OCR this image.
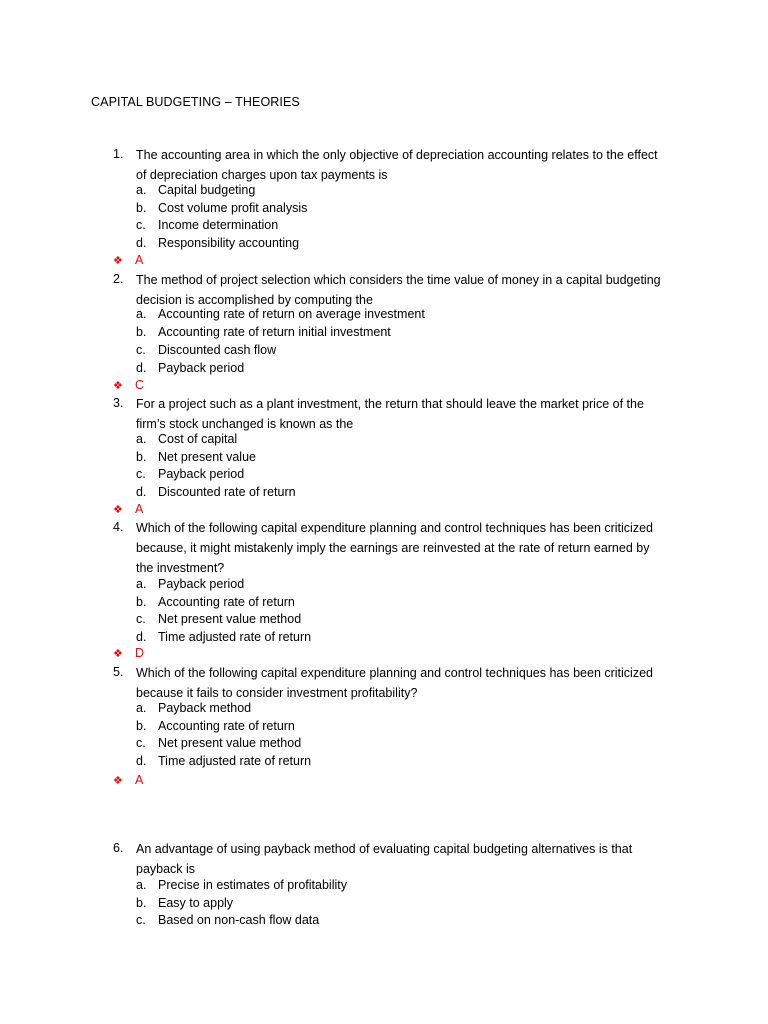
CAPITAL BUDGETING – THEORIES
1.	The accounting area in which the only objective of depreciation accounting relates to the effect
of depreciation charges upon tax payments is
a. Capital budgeting
b. Cost volume profit analysis
c. Income determination
d. Responsibility accounting
❖ A
2.	The method of project selection which considers the time value of money in a capital budgeting
decision is accomplished by computing the
a. Accounting rate of return on average investment
b. Accounting rate of return initial investment
c. Discounted cash flow
d. Payback period
❖ C
3.	For a project such as a plant investment, the return that should leave the market price of the
firm’s stock unchanged is known as the
a. Cost of capital
b. Net present value
c. Payback period
d. Discounted rate of return
❖ A
4.	Which of the following capital expenditure planning and control techniques has been criticized
because, it might mistakenly imply the earnings are reinvested at the rate of return earned by
the investment?
a. Payback period
b. Accounting rate of return
c. Net present value method
d. Time adjusted rate of return
❖ D
5.	Which of the following capital expenditure planning and control techniques has been criticized
because it fails to consider investment profitability?
a. Payback method
b. Accounting rate of return
c. Net present value method
d. Time adjusted rate of return
❖ A
6.	An advantage of using payback method of evaluating capital budgeting alternatives is that
payback is
a. Precise in estimates of profitability
b. Easy to apply
c. Based on non-cash flow data
